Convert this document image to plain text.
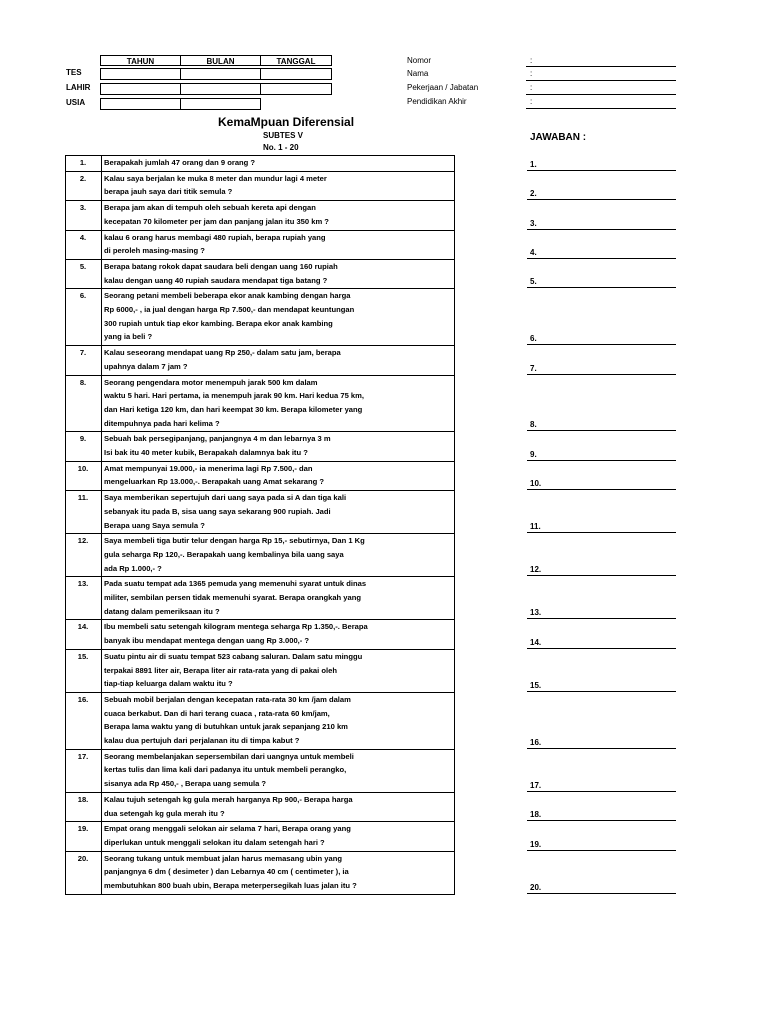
TAHUN	BULAN	TANGGAL
TES
LAHIR
USIA
Nomor	:
Nama	:
Pekerjaan / Jabatan	:
Pendidikan Akhir	:
KemaMpuan Diferensial
SUBTES V
No. 1 - 20
JAWABAN :
1.	Berapakah jumlah 47 orang dan 9 orang ?	1.
2.	Kalau saya berjalan ke muka 8 meter dan mundur lagi 4 meter
berapa jauh saya dari titik semula ?	2.
3.	Berapa jam akan di tempuh oleh sebuah kereta api dengan
kecepatan 70 kilometer per jam dan panjang jalan itu 350 km ?	3.
4.	kalau 6 orang harus membagi 480 rupiah, berapa rupiah yang
di peroleh masing-masing ?	4.
5.	Berapa batang rokok dapat saudara beli dengan uang 160 rupiah
kalau dengan uang 40 rupiah saudara mendapat tiga batang ?	5.
6.	Seorang petani membeli beberapa ekor anak kambing dengan harga
Rp 6000,- , ia jual dengan harga Rp 7.500,- dan mendapat keuntungan
300 rupiah untuk tiap ekor kambing. Berapa ekor anak kambing
yang ia beli ?	6.
7.	Kalau seseorang mendapat uang Rp 250,- dalam satu jam, berapa
upahnya dalam 7 jam ?	7.
8.	Seorang pengendara motor menempuh jarak 500 km dalam
waktu 5 hari. Hari pertama, ia menempuh jarak 90 km. Hari kedua 75 km,
dan Hari ketiga 120 km, dan hari keempat 30 km. Berapa kilometer yang
ditempuhnya pada hari kelima ?	8.
9.	Sebuah bak persegipanjang, panjangnya 4 m dan lebarnya 3 m
Isi bak itu 40 meter kubik, Berapakah dalamnya bak itu ?	9.
10.	Amat mempunyai 19.000,- ia menerima lagi Rp 7.500,- dan
mengeluarkan Rp 13.000,-. Berapakah uang Amat sekarang ?	10.
11.	Saya memberikan sepertujuh dari uang saya pada si A dan tiga kali
sebanyak itu pada B, sisa uang saya sekarang 900 rupiah. Jadi
Berapa uang Saya semula ?	11.
12.	Saya membeli tiga butir telur dengan harga Rp 15,- sebutirnya, Dan 1 Kg
gula seharga Rp 120,-. Berapakah uang kembalinya bila uang saya
ada Rp 1.000,- ?	12.
13.	Pada suatu tempat ada 1365 pemuda yang memenuhi syarat untuk dinas
militer, sembilan persen tidak memenuhi syarat. Berapa orangkah yang
datang dalam pemeriksaan itu ?	13.
14.	Ibu membeli satu setengah kilogram mentega seharga Rp 1.350,-. Berapa
banyak ibu mendapat mentega dengan uang Rp 3.000,- ?	14.
15.	Suatu pintu air di suatu tempat 523 cabang saluran. Dalam satu minggu
terpakai 8891 liter air, Berapa liter air rata-rata yang di pakai oleh
tiap-tiap keluarga dalam waktu itu ?	15.
16.	Sebuah mobil berjalan dengan kecepatan rata-rata 30 km /jam dalam
cuaca berkabut. Dan di hari terang cuaca , rata-rata 60 km/jam,
Berapa lama waktu yang di butuhkan untuk jarak sepanjang 210 km
kalau dua pertujuh dari perjalanan itu di timpa kabut ?	16.
17.	Seorang membelanjakan sepersembilan dari uangnya untuk membeli
kertas tulis dan lima kali dari padanya itu untuk membeli perangko,
sisanya ada Rp 450,- , Berapa uang semula ?	17.
18.	Kalau tujuh setengah kg gula merah harganya Rp 900,- Berapa harga
dua setengah kg gula merah itu ?	18.
19.	Empat orang menggali selokan air selama 7 hari, Berapa orang yang
diperlukan untuk menggali selokan itu dalam setengah hari ?	19.
20.	Seorang tukang untuk membuat jalan harus memasang ubin yang
panjangnya 6 dm ( desimeter ) dan Lebarnya 40 cm ( centimeter ), ia
membutuhkan 800 buah ubin, Berapa meterpersegikah luas jalan itu ?	20.
